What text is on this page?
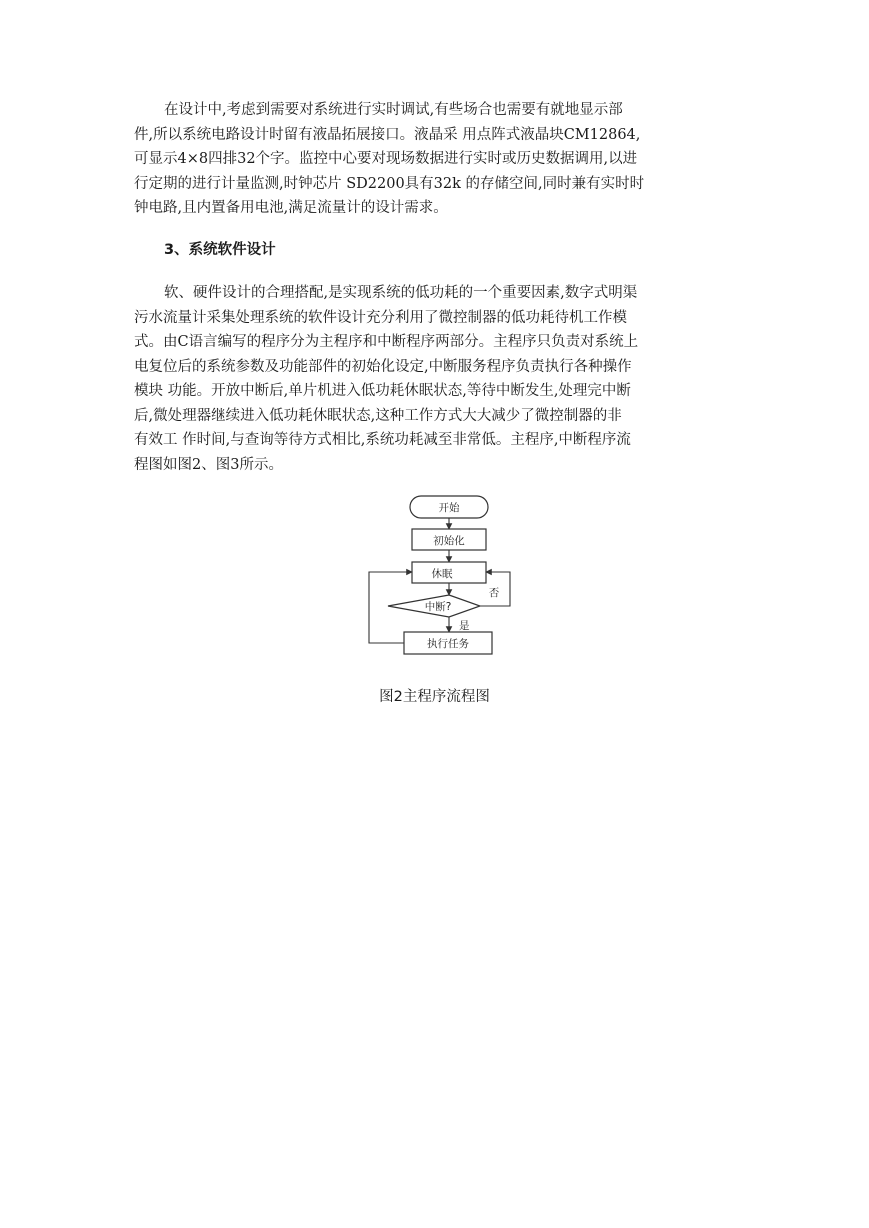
在设计中,考虑到需要对系统进行实时调试,有些场合也需要有就地显示部
件,所以系统电路设计时留有液晶拓展接口。液晶采 用点阵式液晶块CM12864,
可显示4×8四排32个字。监控中心要对现场数据进行实时或历史数据调用,以进
行定期的进行计量监测,时钟芯片 SD2200具有32k 的存储空间,同时兼有实时时
钟电路,且内置备用电池,满足流量计的设计需求。
3、系统软件设计
软、硬件设计的合理搭配,是实现系统的低功耗的一个重要因素,数字式明渠
污水流量计采集处理系统的软件设计充分利用了微控制器的低功耗待机工作模
式。由C语言编写的程序分为主程序和中断程序两部分。主程序只负责对系统上
电复位后的系统参数及功能部件的初始化设定,中断服务程序负责执行各种操作
模块 功能。开放中断后,单片机进入低功耗休眠状态,等待中断发生,处理完中断
后,微处理器继续进入低功耗休眠状态,这种工作方式大大减少了微控制器的非
有效工 作时间,与查询等待方式相比,系统功耗减至非常低。主程序,中断程序流
程图如图2、图3所示。
开始
初始化
休眠
中断?
否
是
执行任务

图2主程序流程图
